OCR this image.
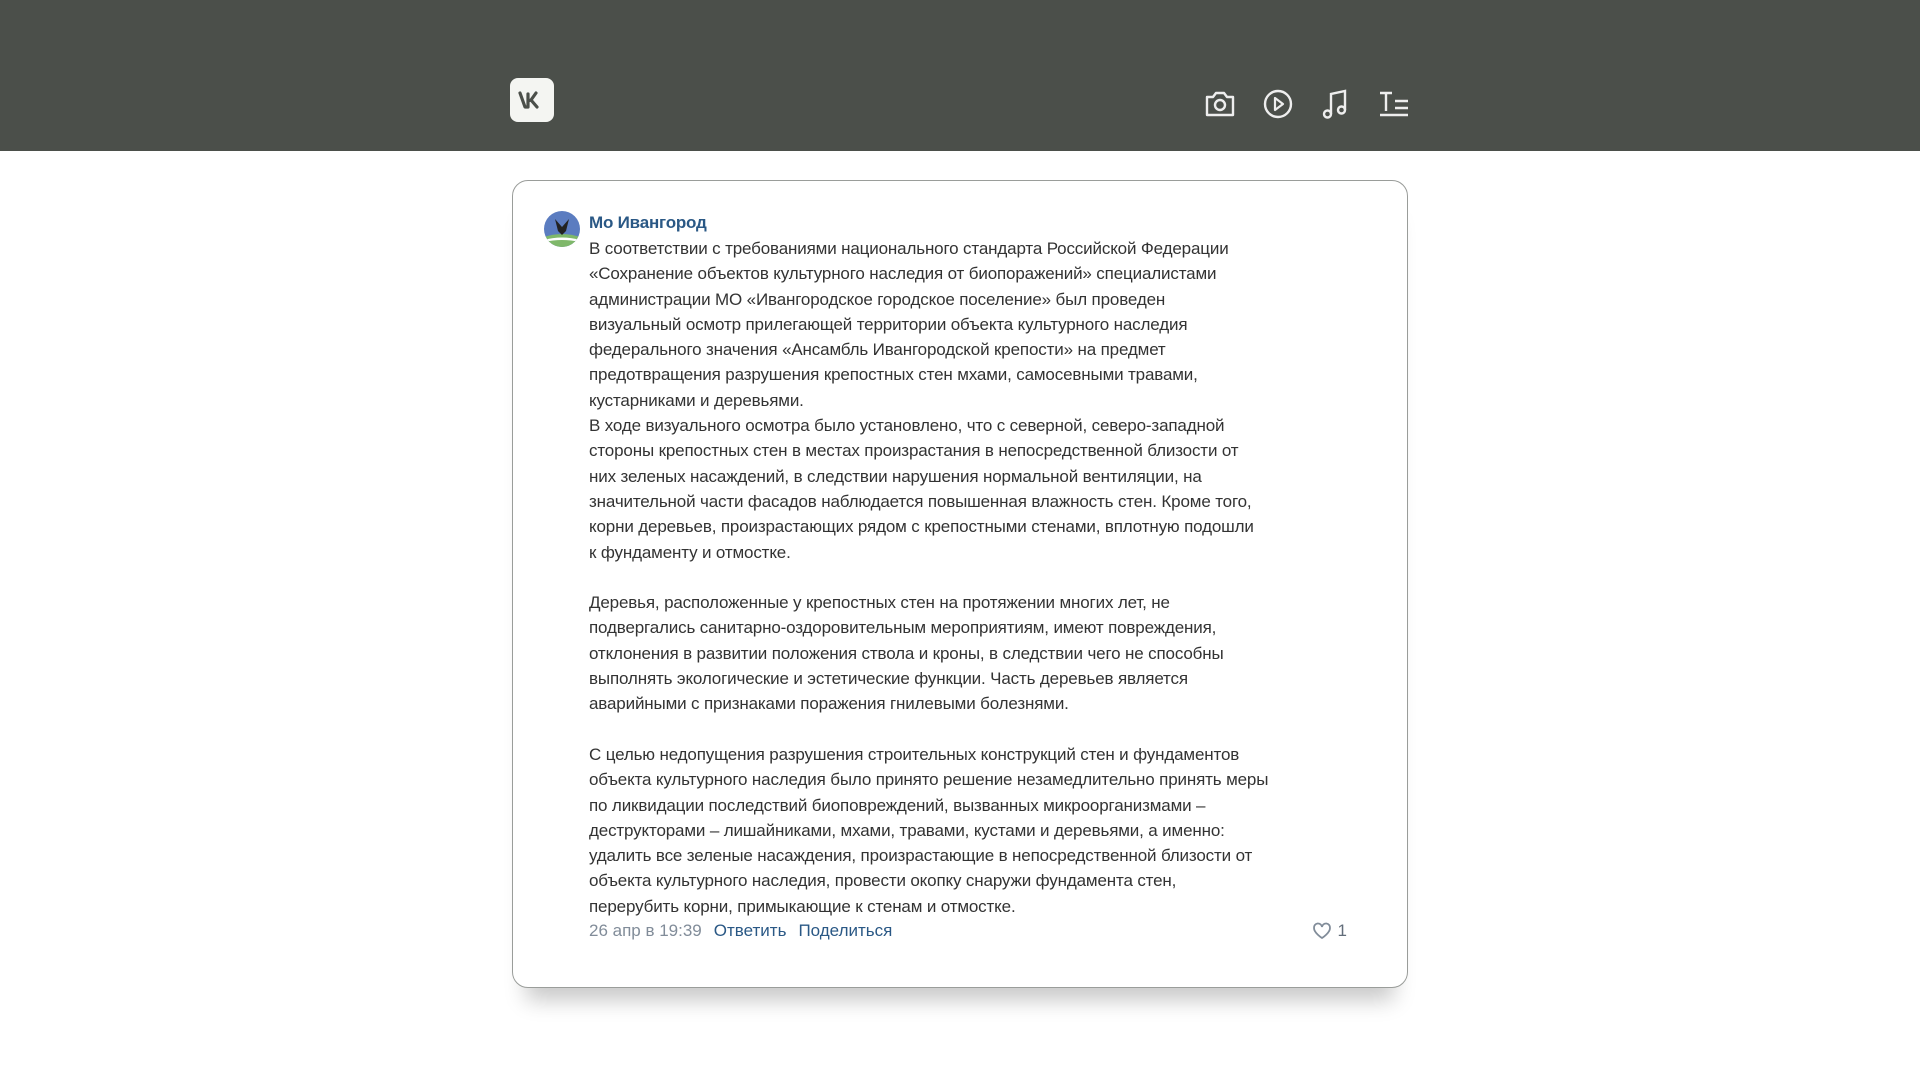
Мо Ивангород
В соответствии с требованиями национального стандарта Российской Федерации
«Сохранение объектов культурного наследия от биопоражений» специалистами
администрации МО «Ивангородское городское поселение» был проведен
визуальный осмотр прилегающей территории объекта культурного наследия
федерального значения «Ансамбль Ивангородской крепости» на предмет
предотвращения разрушения крепостных стен мхами, самосевными травами,
кустарниками и деревьями.
В ходе визуального осмотра было установлено, что с северной, северо-западной
стороны крепостных стен в местах произрастания в непосредственной близости от
них зеленых насаждений, в следствии нарушения нормальной вентиляции, на
значительной части фасадов наблюдается повышенная влажность стен. Кроме того,
корни деревьев, произрастающих рядом с крепостными стенами, вплотную подошли
к фундаменту и отмостке.
Деревья, расположенные у крепостных стен на протяжении многих лет, не
подвергались санитарно-оздоровительным мероприятиям, имеют повреждения,
отклонения в развитии положения ствола и кроны, в следствии чего не способны
выполнять экологические и эстетические функции. Часть деревьев является
аварийными с признаками поражения гнилевыми болезнями.
С целью недопущения разрушения строительных конструкций стен и фундаментов
объекта культурного наследия было принято решение незамедлительно принять меры
по ликвидации последствий биоповреждений, вызванных микроорганизмами –
деструкторами – лишайниками, мхами, травами, кустами и деревьями, а именно:
удалить все зеленые насаждения, произрастающие в непосредственной близости от
объекта культурного наследия, провести окопку снаружи фундамента стен,
перерубить корни, примыкающие к стенам и отмостке.
26 апр в 19:39 Ответить Поделиться	1
